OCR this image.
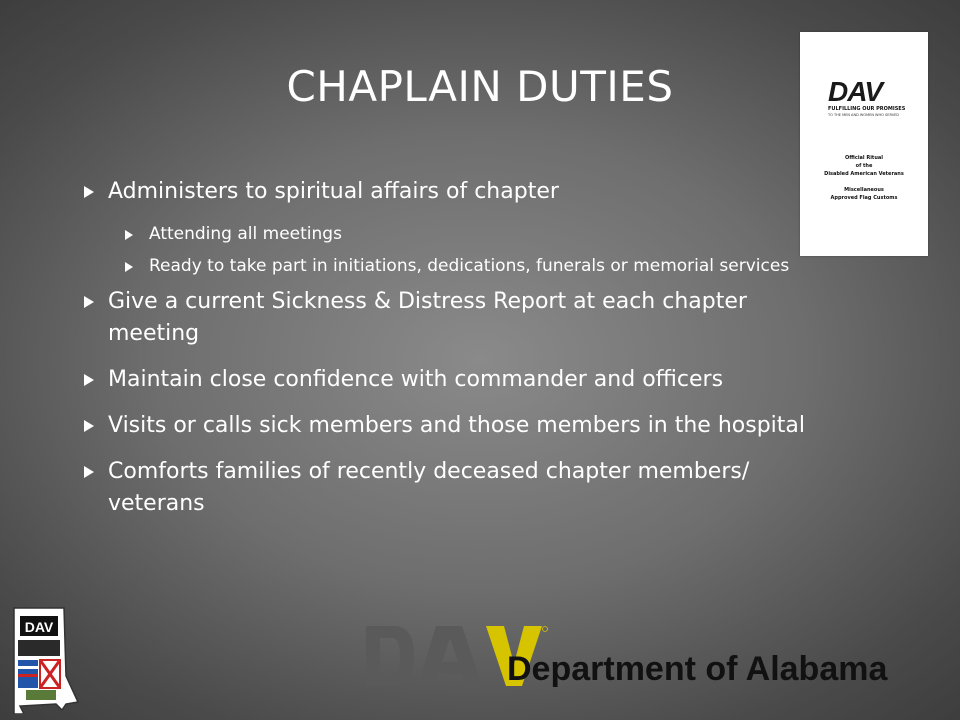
CHAPLAIN DUTIES
Administers to spiritual affairs of chapter
Attending all meetings
Ready to take part in initiations, dedications, funerals or memorial services
Give a current Sickness & Distress Report at each chapter meeting
Maintain close confidence with commander and officers
Visits or calls sick members and those members in the hospital
Comforts families of recently deceased chapter members/ veterans
DAV
FULFILLING OUR PROMISES
TO THE MEN AND WOMEN WHO SERVED
Official Ritual
of the
Disabled American Veterans
Miscellaneous
Approved Flag Customs
Department of Alabama
DAV
